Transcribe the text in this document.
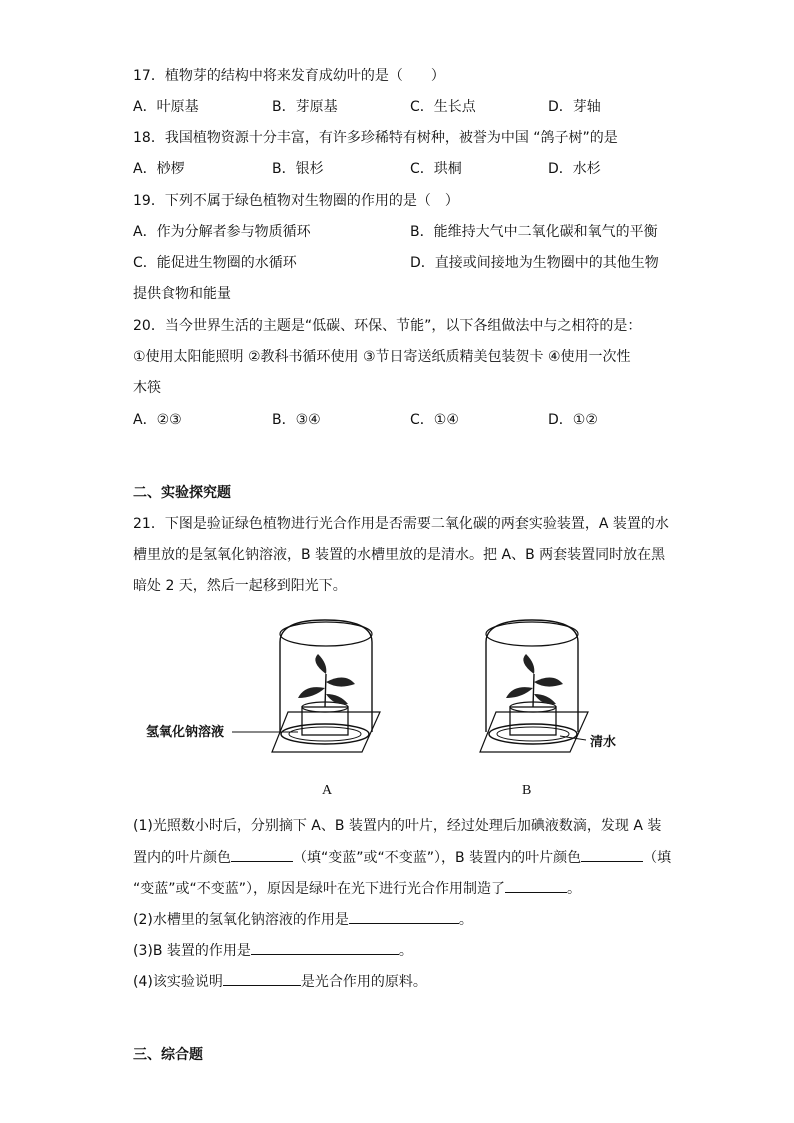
17．植物芽的结构中将来发育成幼叶的是（　　）
A．叶原基	B．芽原基	C．生长点	D．芽轴
18．我国植物资源十分丰富，有许多珍稀特有树种，被誉为中国 “鸽子树”的是
A．桫椤	B．银杉	C．珙桐	D．水杉
19．下列不属于绿色植物对生物圈的作用的是（　）
A．作为分解者参与物质循环	B．能维持大气中二氧化碳和氧气的平衡
C．能促进生物圈的水循环	D．直接或间接地为生物圈中的其他生物
提供食物和能量
20．当今世界生活的主题是“低碳、环保、节能”，以下各组做法中与之相符的是：
①使用太阳能照明 ②教科书循环使用 ③节日寄送纸质精美包装贺卡 ④使用一次性
木筷
A．②③	B．③④	C．①④	D．①②
二、实验探究题
21．下图是验证绿色植物进行光合作用是否需要二氧化碳的两套实验装置，A 装置的水
槽里放的是氢氧化钠溶液，B 装置的水槽里放的是清水。把 A、B 两套装置同时放在黑
暗处 2 天，然后一起移到阳光下。
氢氧化钠溶液
A
清水
B
(1)光照数小时后，分别摘下 A、B 装置内的叶片，经过处理后加碘液数滴，发现 A 装
置内的叶片颜色	（填“变蓝”或“不变蓝”），B 装置内的叶片颜色	（填
“变蓝”或“不变蓝”），原因是绿叶在光下进行光合作用制造了	。
(2)水槽里的氢氧化钠溶液的作用是	。
(3)B 装置的作用是	。
(4)该实验说明	是光合作用的原料。
三、综合题
